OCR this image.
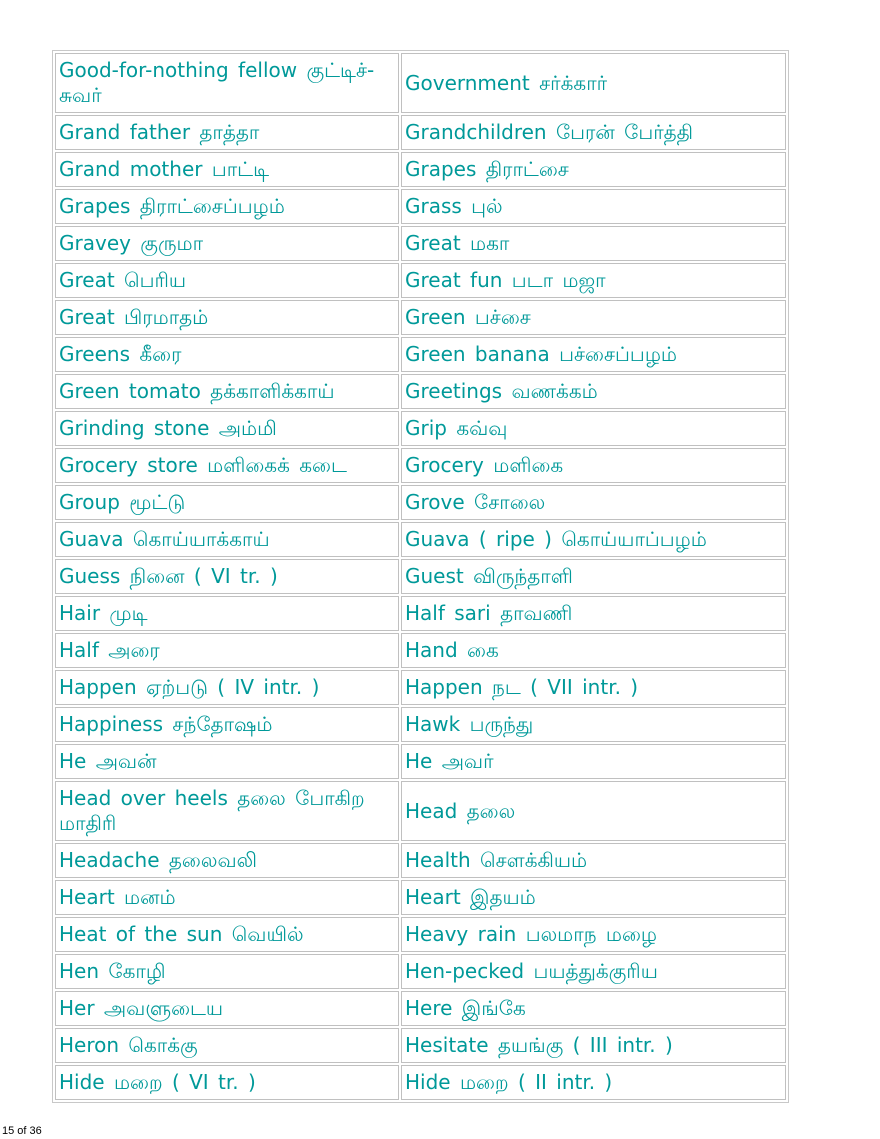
Good-for-nothing fellow குட்டிச்-சுவர்	Government சர்க்கார்
Grand father தாத்தா	Grandchildren பேரன் பேர்த்தி
Grand mother பாட்டி	Grapes திராட்சை
Grapes திராட்சைப்பழம்	Grass புல்
Gravey குருமா	Great மகா
Great பெரிய	Great fun படா மஜா
Great பிரமாதம்	Green பச்சை
Greens கீரை	Green banana பச்சைப்பழம்
Green tomato தக்காளிக்காய்	Greetings வணக்கம்
Grinding stone அம்மி	Grip கவ்வு
Grocery store மளிகைக் கடை	Grocery மளிகை
Group மூட்டு	Grove சோலை
Guava கொய்யாக்காய்	Guava ( ripe ) கொய்யாப்பழம்
Guess நினை ( VI tr. )	Guest விருந்தாளி
Hair முடி	Half sari தாவணி
Half அரை	Hand கை
Happen ஏற்படு ( IV intr. )	Happen நட ( VII intr. )
Happiness சந்தோஷம்	Hawk பருந்து
He அவன்	He அவர்
Head over heels தலை போகிற மாதிரி	Head தலை
Headache தலைவலி	Health சௌக்கியம்
Heart மனம்	Heart இதயம்
Heat of the sun வெயில்	Heavy rain பலமாந மழை
Hen கோழி	Hen-pecked பயத்துக்குரிய
Her அவளுடைய	Here இங்கே
Heron கொக்கு	Hesitate தயங்கு ( III intr. )
Hide மறை ( VI tr. )	Hide மறை ( II intr. )
15 of 36
